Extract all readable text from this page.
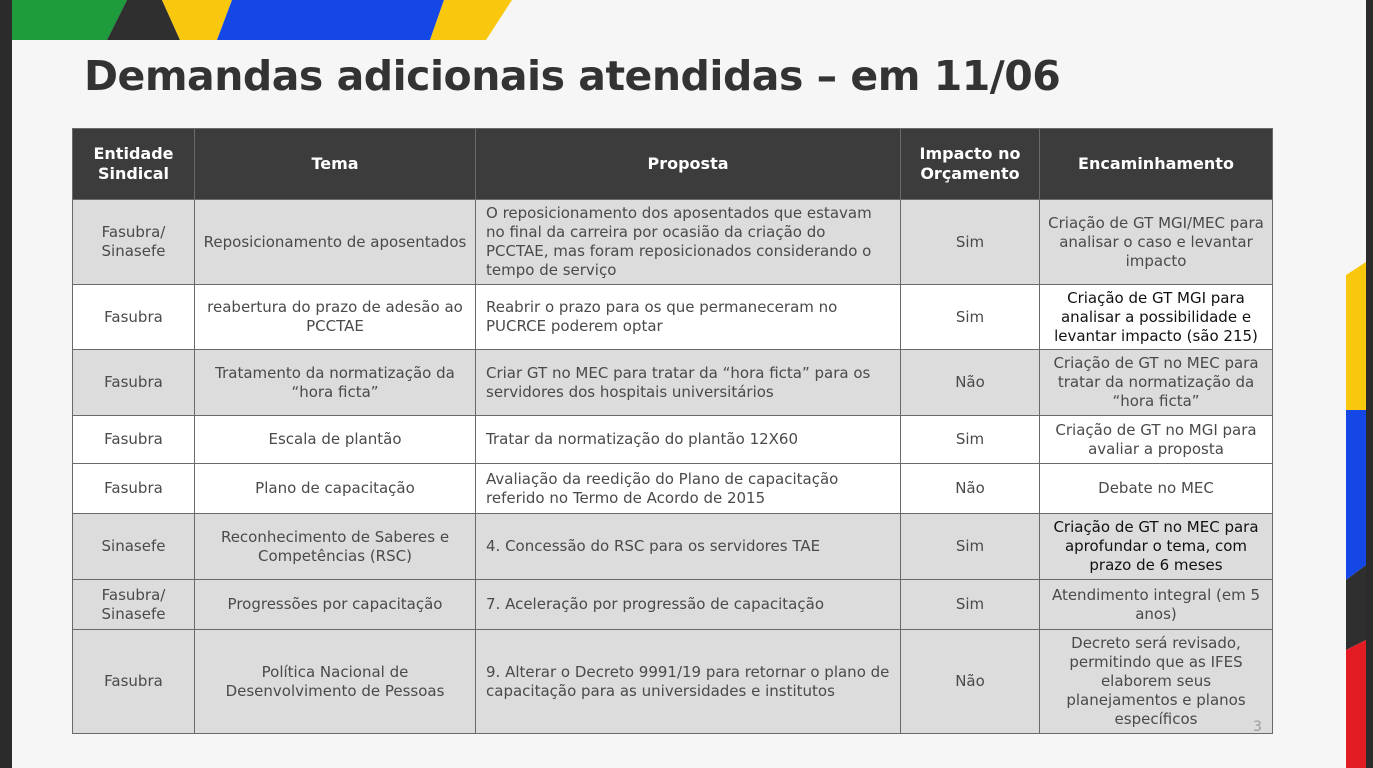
Demandas adicionais atendidas – em 11/06
Entidade Sindical	Tema	Proposta	Impacto no Orçamento	Encaminhamento
Fasubra/ Sinasefe	Reposicionamento de aposentados	O reposicionamento dos aposentados que estavam no final da carreira por ocasião da criação do PCCTAE, mas foram reposicionados considerando o tempo de serviço	Sim	Criação de GT MGI/MEC para analisar o caso e levantar impacto
Fasubra	reabertura do prazo de adesão ao PCCTAE	Reabrir o prazo para os que permaneceram no PUCRCE poderem optar	Sim	Criação de GT MGI para analisar a possibilidade e levantar impacto (são 215)
Fasubra	Tratamento da normatização da “hora ficta”	Criar GT no MEC para tratar da “hora ficta” para os servidores dos hospitais universitários	Não	Criação de GT no MEC para tratar da normatização da “hora ficta”
Fasubra	Escala de plantão	Tratar da normatização do plantão 12X60	Sim	Criação de GT no MGI para avaliar a proposta
Fasubra	Plano de capacitação	Avaliação da reedição do Plano de capacitação referido no Termo de Acordo de 2015	Não	Debate no MEC
Sinasefe	Reconhecimento de Saberes e Competências (RSC)	4. Concessão do RSC para os servidores TAE	Sim	Criação de GT no MEC para aprofundar o tema, com prazo de 6 meses
Fasubra/ Sinasefe	Progressões por capacitação	7. Aceleração por progressão de capacitação	Sim	Atendimento integral (em 5 anos)
Fasubra	Política Nacional de Desenvolvimento de Pessoas	9. Alterar o Decreto 9991/19 para retornar o plano de capacitação para as universidades e institutos	Não	Decreto será revisado, permitindo que as IFES elaborem seus planejamentos e planos específicos	3
